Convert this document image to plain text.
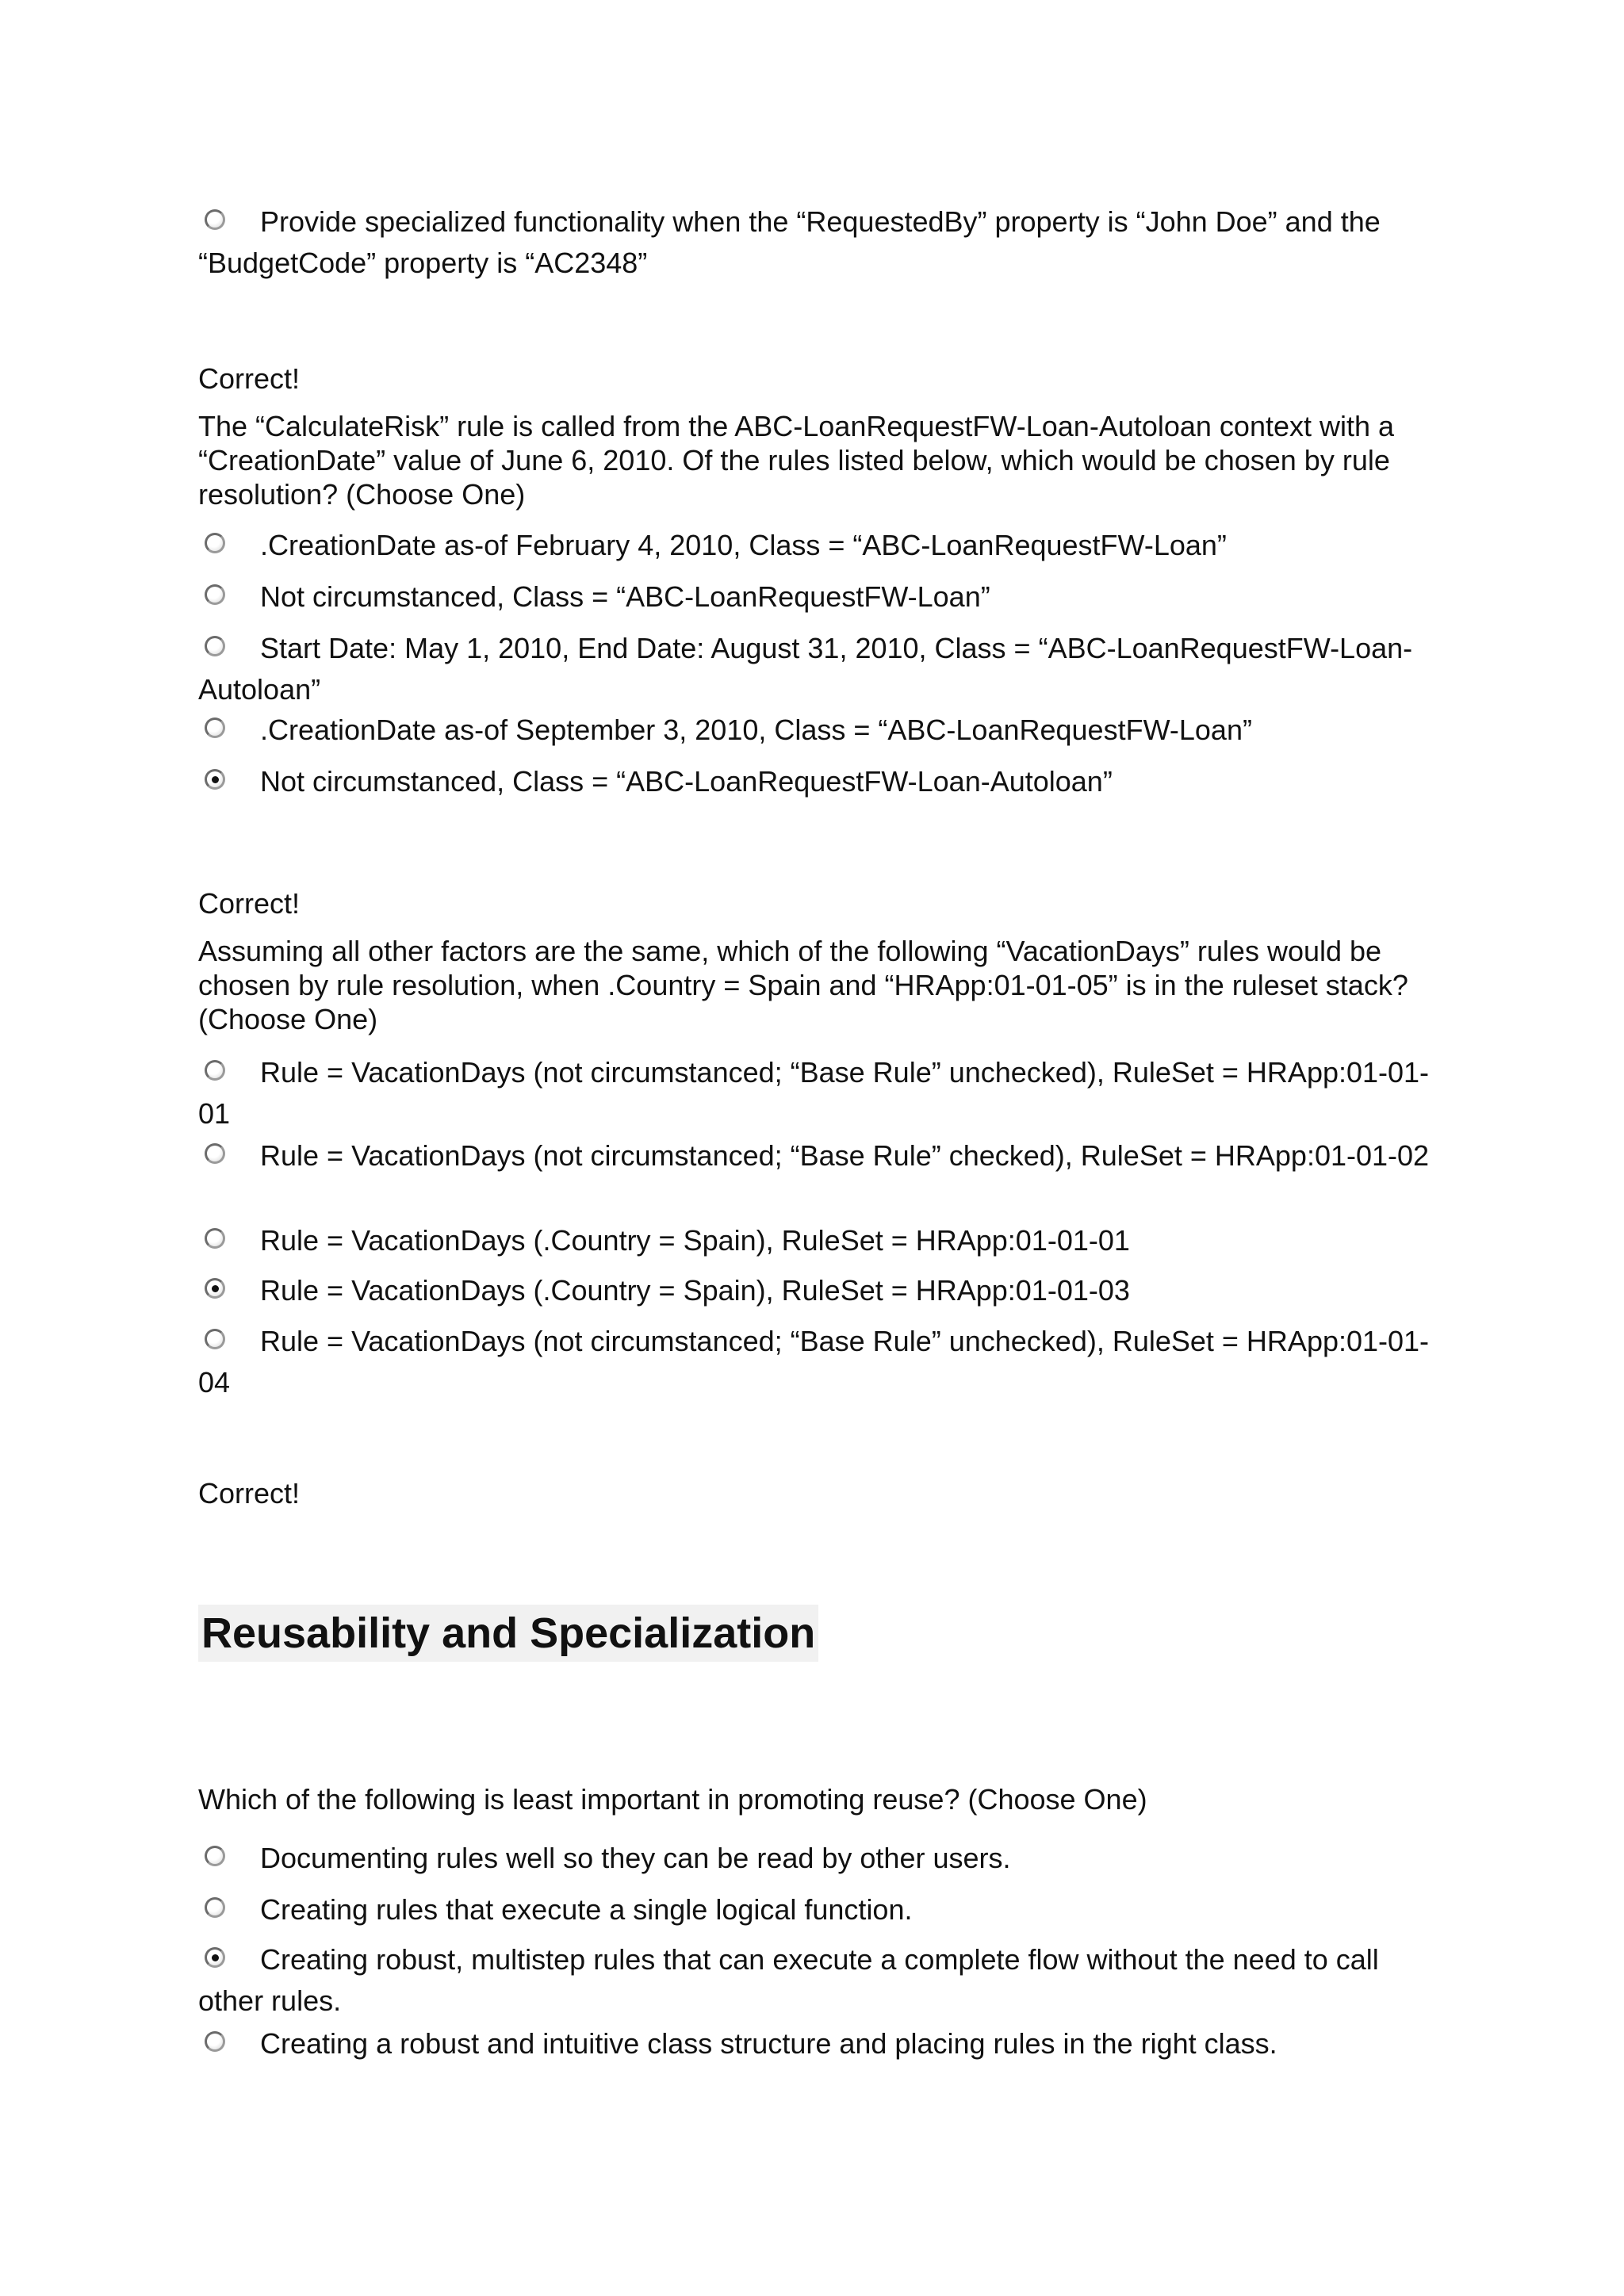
Provide specialized functionality when the “RequestedBy” property is “John Doe” and the “BudgetCode” property is “AC2348”
Correct!
The “CalculateRisk” rule is called from the ABC-LoanRequestFW-Loan-Autoloan context with a “CreationDate” value of June 6, 2010. Of the rules listed below, which would be chosen by rule resolution? (Choose One)
.CreationDate as-of February 4, 2010, Class = “ABC-LoanRequestFW-Loan”
Not circumstanced, Class = “ABC-LoanRequestFW-Loan”
Start Date: May 1, 2010, End Date: August 31, 2010, Class = “ABC-LoanRequestFW-Loan-Autoloan”
.CreationDate as-of September 3, 2010, Class = “ABC-LoanRequestFW-Loan”
Not circumstanced, Class = “ABC-LoanRequestFW-Loan-Autoloan”
Correct!
Assuming all other factors are the same, which of the following “VacationDays” rules would be chosen by rule resolution, when .Country = Spain and “HRApp:01-01-05” is in the ruleset stack? (Choose One)
Rule = VacationDays (not circumstanced; “Base Rule” unchecked), RuleSet = HRApp:01-01-01
Rule = VacationDays (not circumstanced; “Base Rule” checked), RuleSet = HRApp:01-01-02
Rule = VacationDays (.Country = Spain), RuleSet = HRApp:01-01-01
Rule = VacationDays (.Country = Spain), RuleSet = HRApp:01-01-03
Rule = VacationDays (not circumstanced; “Base Rule” unchecked), RuleSet = HRApp:01-01-04
Correct!
Reusability and Specialization
Which of the following is least important in promoting reuse? (Choose One)
Documenting rules well so they can be read by other users.
Creating rules that execute a single logical function.
Creating robust, multistep rules that can execute a complete flow without the need to call other rules.
Creating a robust and intuitive class structure and placing rules in the right class.
